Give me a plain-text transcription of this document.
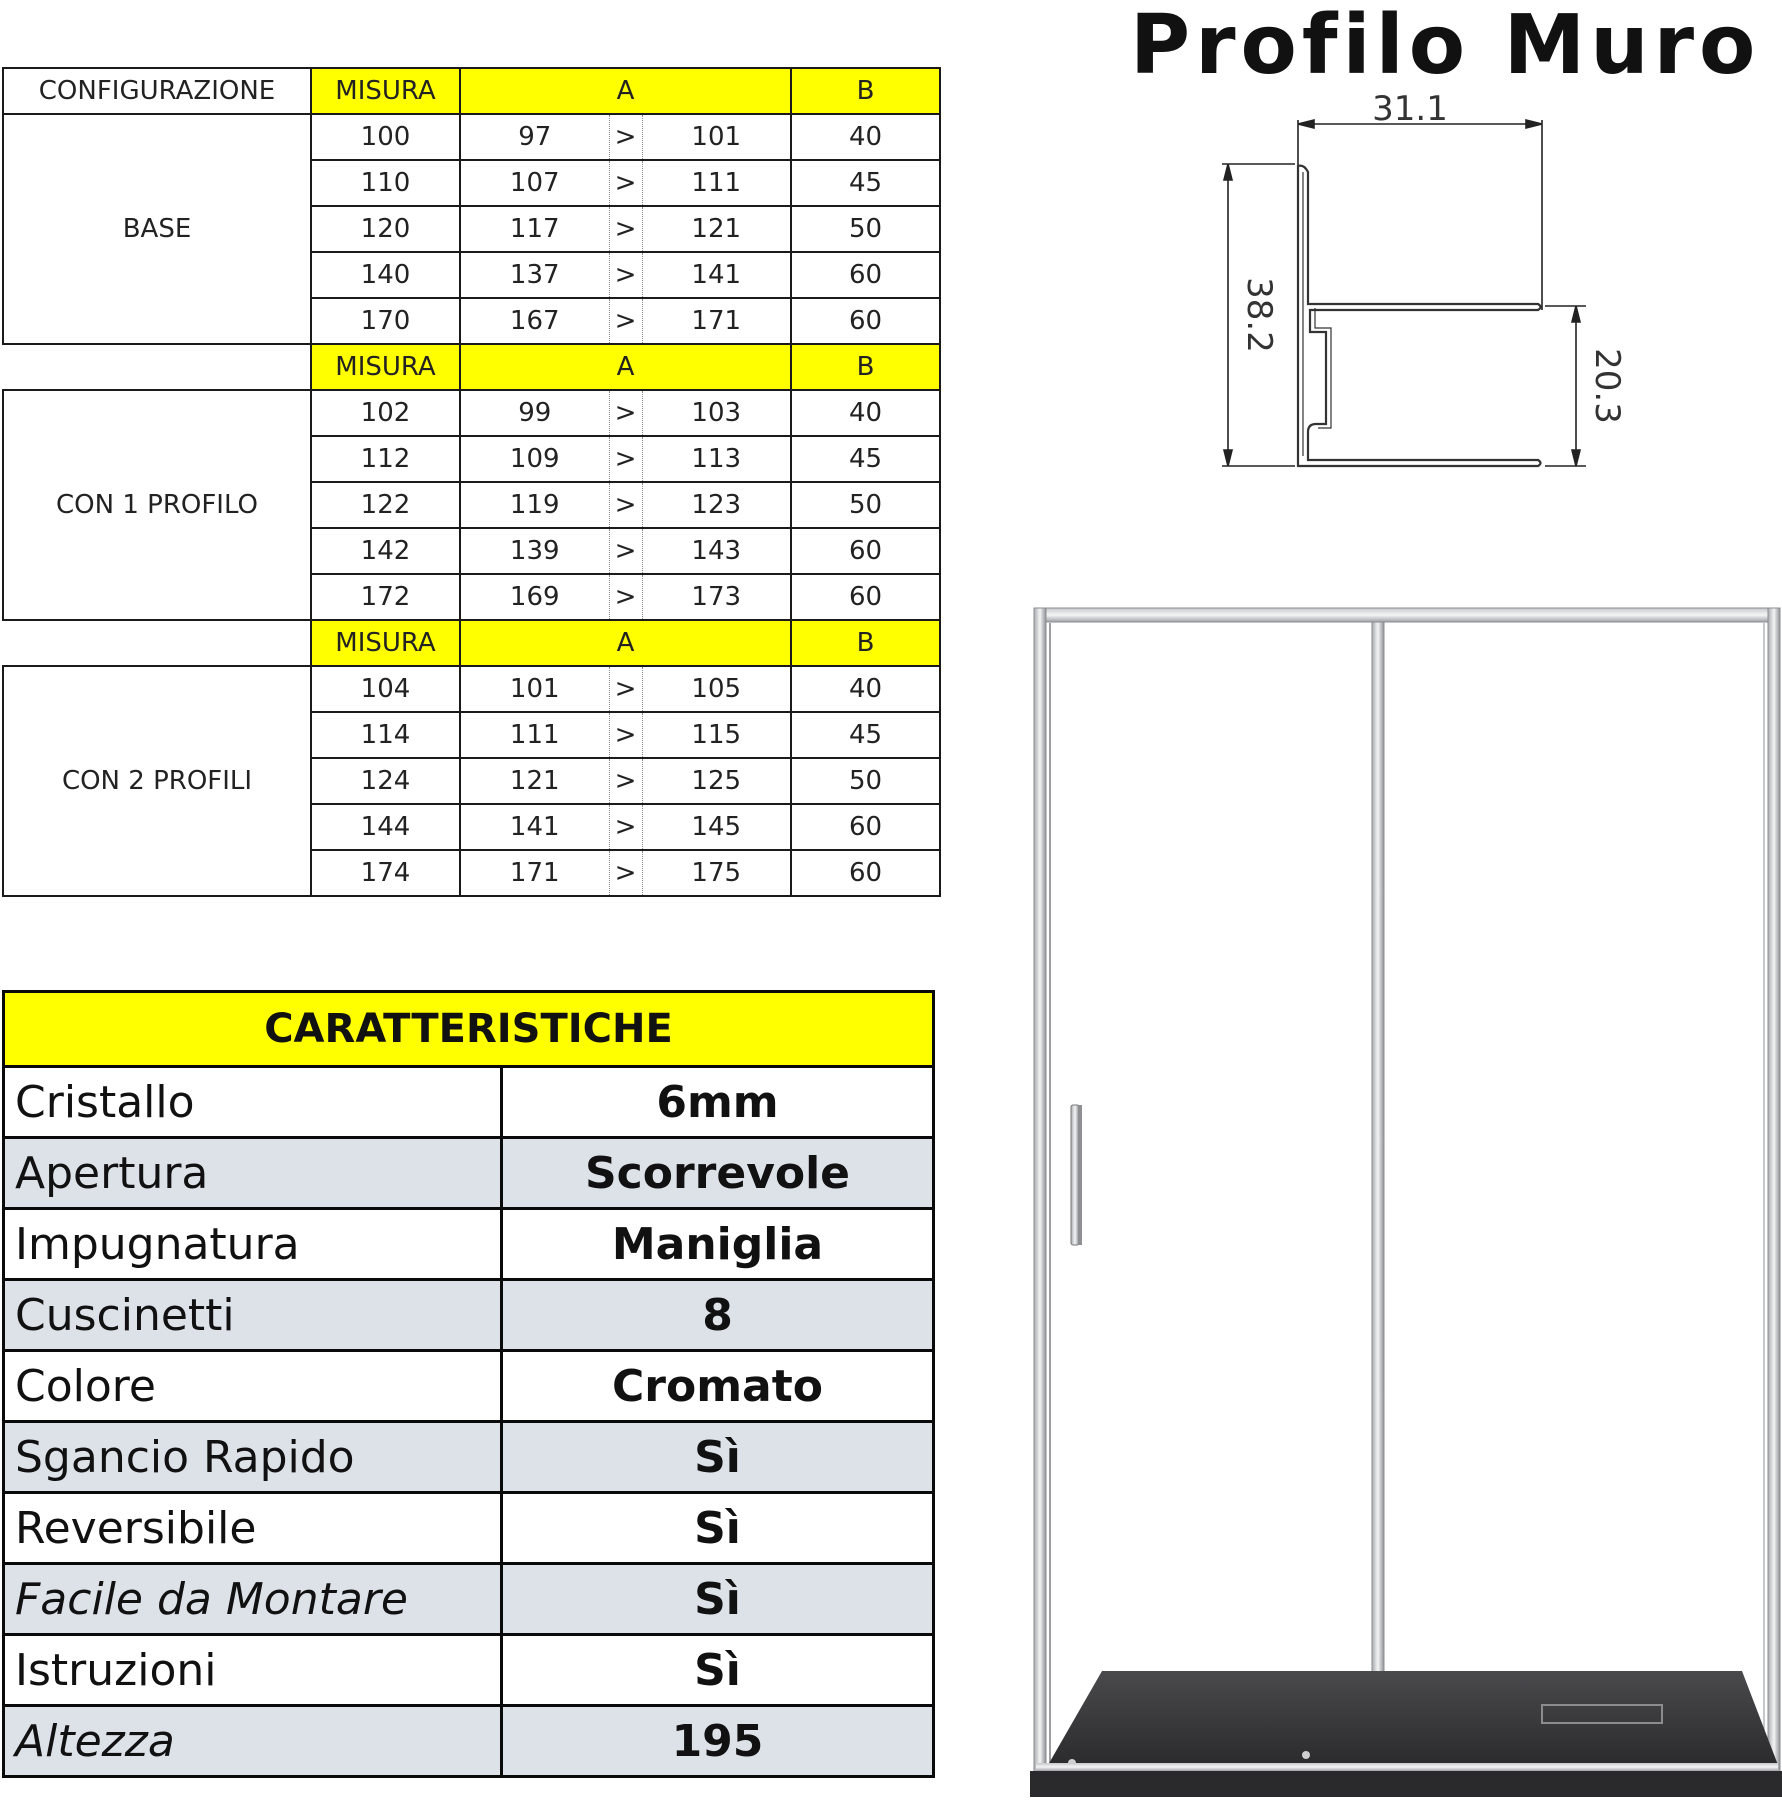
CONFIGURAZIONE	MISURA	A			B
BASE	100	97	>	101	40
	110	107	>	111	45
	120	117	>	121	50
	140	137	>	141	60
	170	167	>	171	60
	MISURA	A			B
CON 1 PROFILO	102	99	>	103	40
	112	109	>	113	45
	122	119	>	123	50
	142	139	>	143	60
	172	169	>	173	60
	MISURA	A			B
CON 2 PROFILI	104	101	>	105	40
	114	111	>	115	45
	124	121	>	125	50
	144	141	>	145	60
	174	171	>	175	60
CARATTERISTICHE	
Cristallo	6mm
Apertura	Scorrevole
Impugnatura	Maniglia
Cuscinetti	8
Colore	Cromato
Sgancio Rapido	Sì
Reversibile	Sì
Facile da Montare	Sì
Istruzioni	Sì
Altezza	195
Profilo Muro
31.1
38.2
20.3
